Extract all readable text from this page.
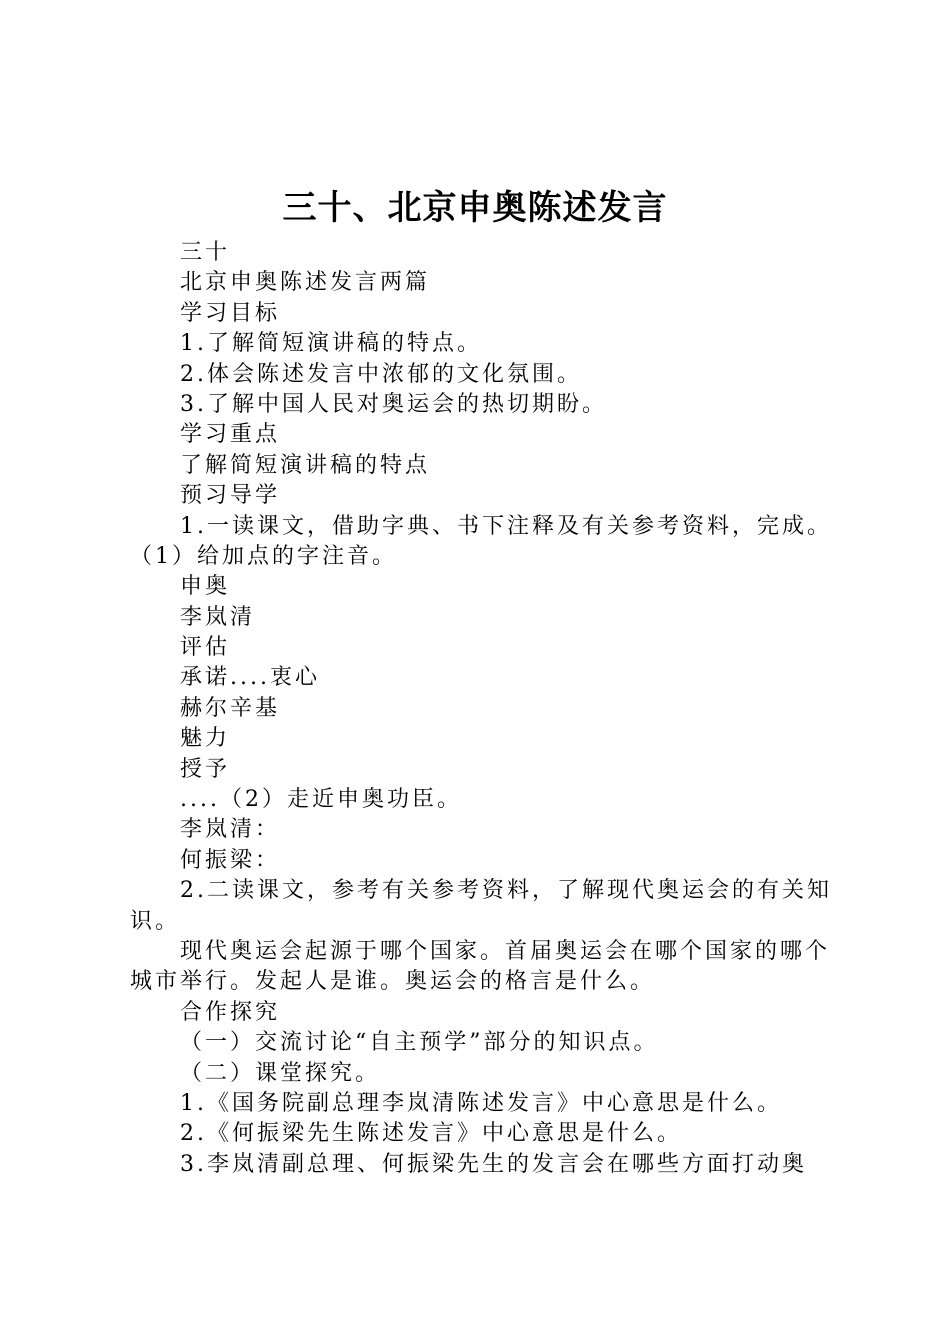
三十、北京申奥陈述发言
三十
北京申奥陈述发言两篇
学习目标
1.了解简短演讲稿的特点。
2.体会陈述发言中浓郁的文化氛围。
3.了解中国人民对奥运会的热切期盼。
学习重点
了解简短演讲稿的特点
预习导学
1.一读课文，借助字典、书下注释及有关参考资料，完成。
（1）给加点的字注音。
申奥
李岚清
评估
承诺....衷心
赫尔辛基
魅力
授予
....（2）走近申奥功臣。
李岚清：
何振梁：
2.二读课文，参考有关参考资料，了解现代奥运会的有关知识。
现代奥运会起源于哪个国家。首届奥运会在哪个国家的哪个城市举行。发起人是谁。奥运会的格言是什么。
合作探究
（一）交流讨论“自主预学”部分的知识点。
（二）课堂探究。
1.《国务院副总理李岚清陈述发言》中心意思是什么。
2.《何振梁先生陈述发言》中心意思是什么。
3.李岚清副总理、何振梁先生的发言会在哪些方面打动奥
